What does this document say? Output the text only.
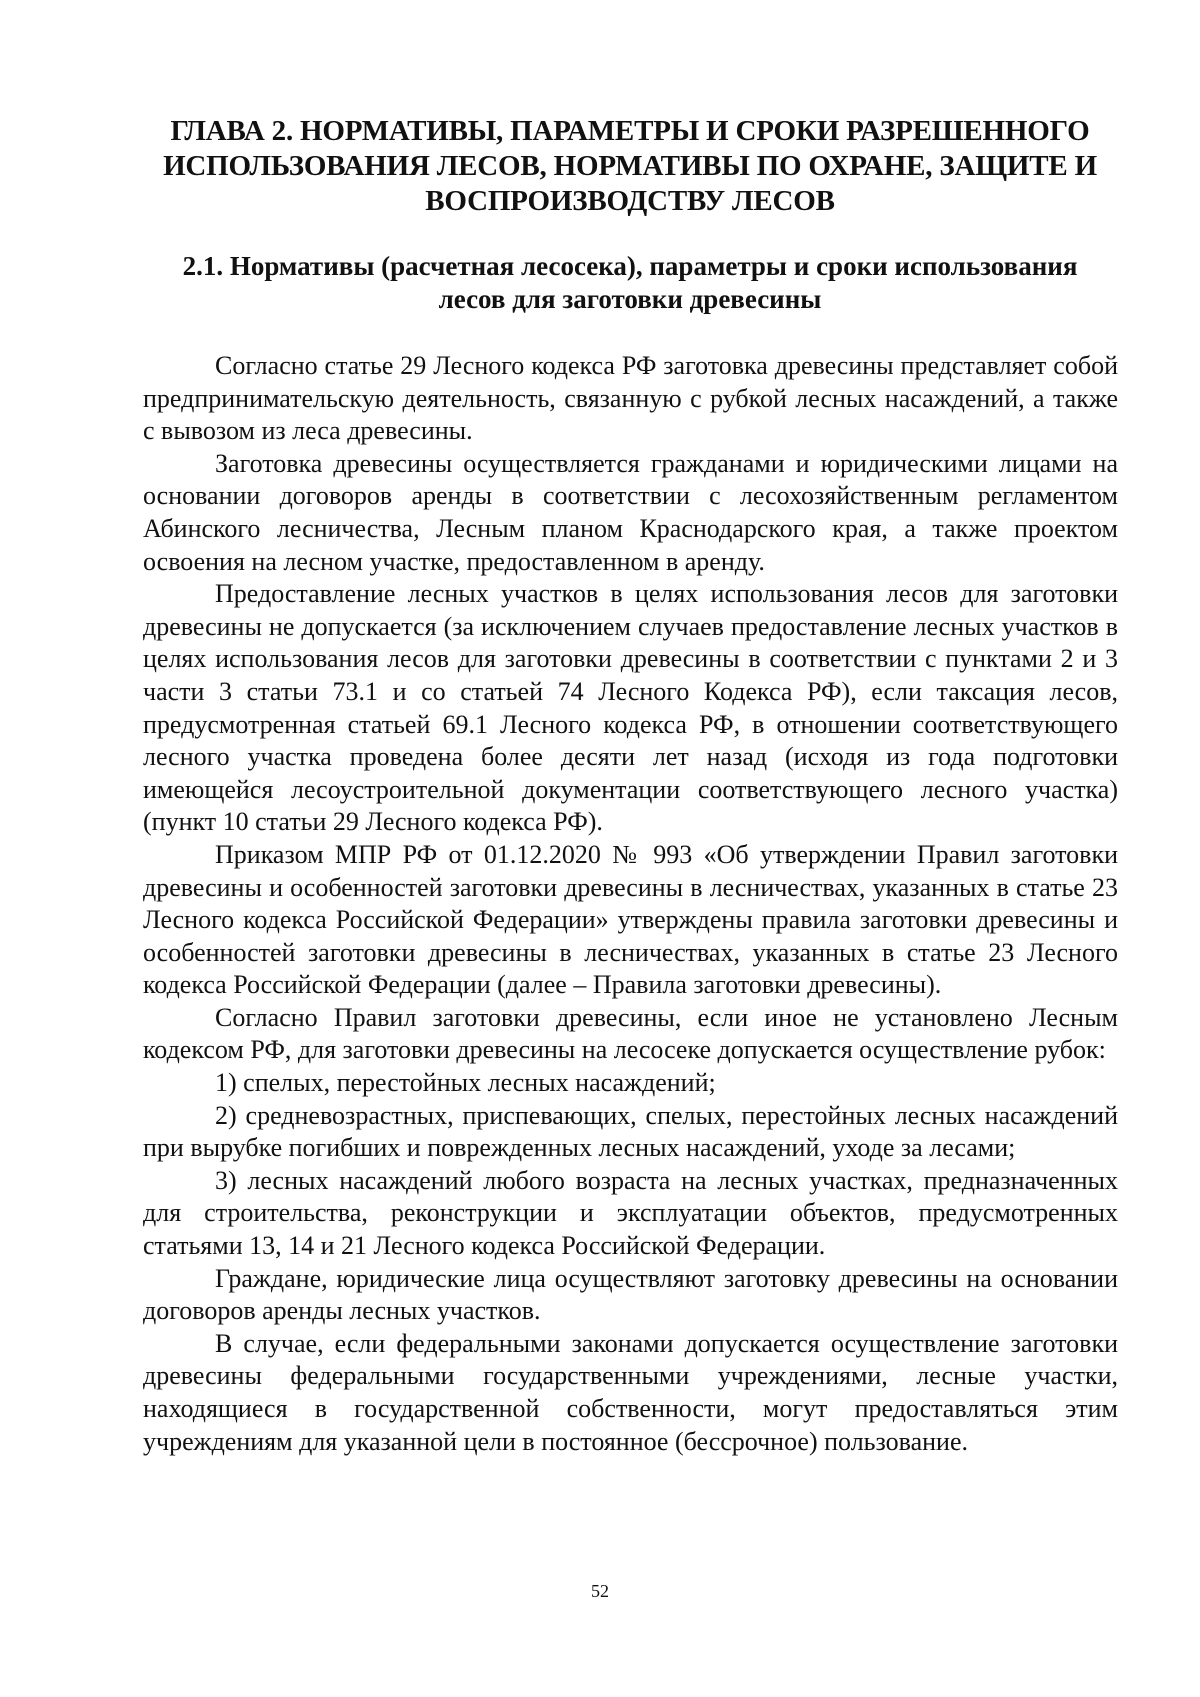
ГЛАВА 2. НОРМАТИВЫ, ПАРАМЕТРЫ И СРОКИ РАЗРЕШЕННОГО
ИСПОЛЬЗОВАНИЯ ЛЕСОВ, НОРМАТИВЫ ПО ОХРАНЕ, ЗАЩИТЕ И
ВОСПРОИЗВОДСТВУ ЛЕСОВ
2.1. Нормативы (расчетная лесосека), параметры и сроки использования
лесов для заготовки древесины

Согласно статье 29 Лесного кодекса РФ заготовка древесины представляет собой предпринимательскую деятельность, связанную с рубкой лесных насаждений, а также с вывозом из леса древесины.

Заготовка древесины осуществляется гражданами и юридическими лицами на основании договоров аренды в соответствии с лесохозяйственным регламентом Абинского лесничества, Лесным планом Краснодарского края, а также проектом освоения на лесном участке, предоставленном в аренду.

Предоставление лесных участков в целях использования лесов для заготовки древесины не допускается (за исключением случаев предоставление лесных участков в целях использования лесов для заготовки древесины в соответствии с пунктами 2 и 3 части 3 статьи 73.1 и со статьей 74 Лесного Кодекса РФ), если таксация лесов, предусмотренная статьей 69.1 Лесного кодекса РФ, в отношении соответствующего лесного участка проведена более десяти лет назад (исходя из года подготовки имеющейся лесоустроительной документации соответствующего лесного участка) (пункт 10 статьи 29 Лесного кодекса РФ).

Приказом МПР РФ от 01.12.2020 № 993 «Об утверждении Правил заготовки древесины и особенностей заготовки древесины в лесничествах, указанных в статье 23 Лесного кодекса Российской Федерации» утверждены правила заготовки древесины и особенностей заготовки древесины в лесничествах, указанных в статье 23 Лесного кодекса Российской Федерации (далее – Правила заготовки древесины).

Согласно Правил заготовки древесины, если иное не установлено Лесным кодексом РФ, для заготовки древесины на лесосеке допускается осуществление рубок:

1) спелых, перестойных лесных насаждений;

2) средневозрастных, приспевающих, спелых, перестойных лесных насаждений при вырубке погибших и поврежденных лесных насаждений, уходе за лесами;

3) лесных насаждений любого возраста на лесных участках, предназначенных для строительства, реконструкции и эксплуатации объектов, предусмотренных статьями 13, 14 и 21 Лесного кодекса Российской Федерации.

Граждане, юридические лица осуществляют заготовку древесины на основании договоров аренды лесных участков.

В случае, если федеральными законами допускается осуществление заготовки древесины федеральными государственными учреждениями, лесные участки, находящиеся в государственной собственности, могут предоставляться этим учреждениям для указанной цели в постоянное (бессрочное) пользование.

52
